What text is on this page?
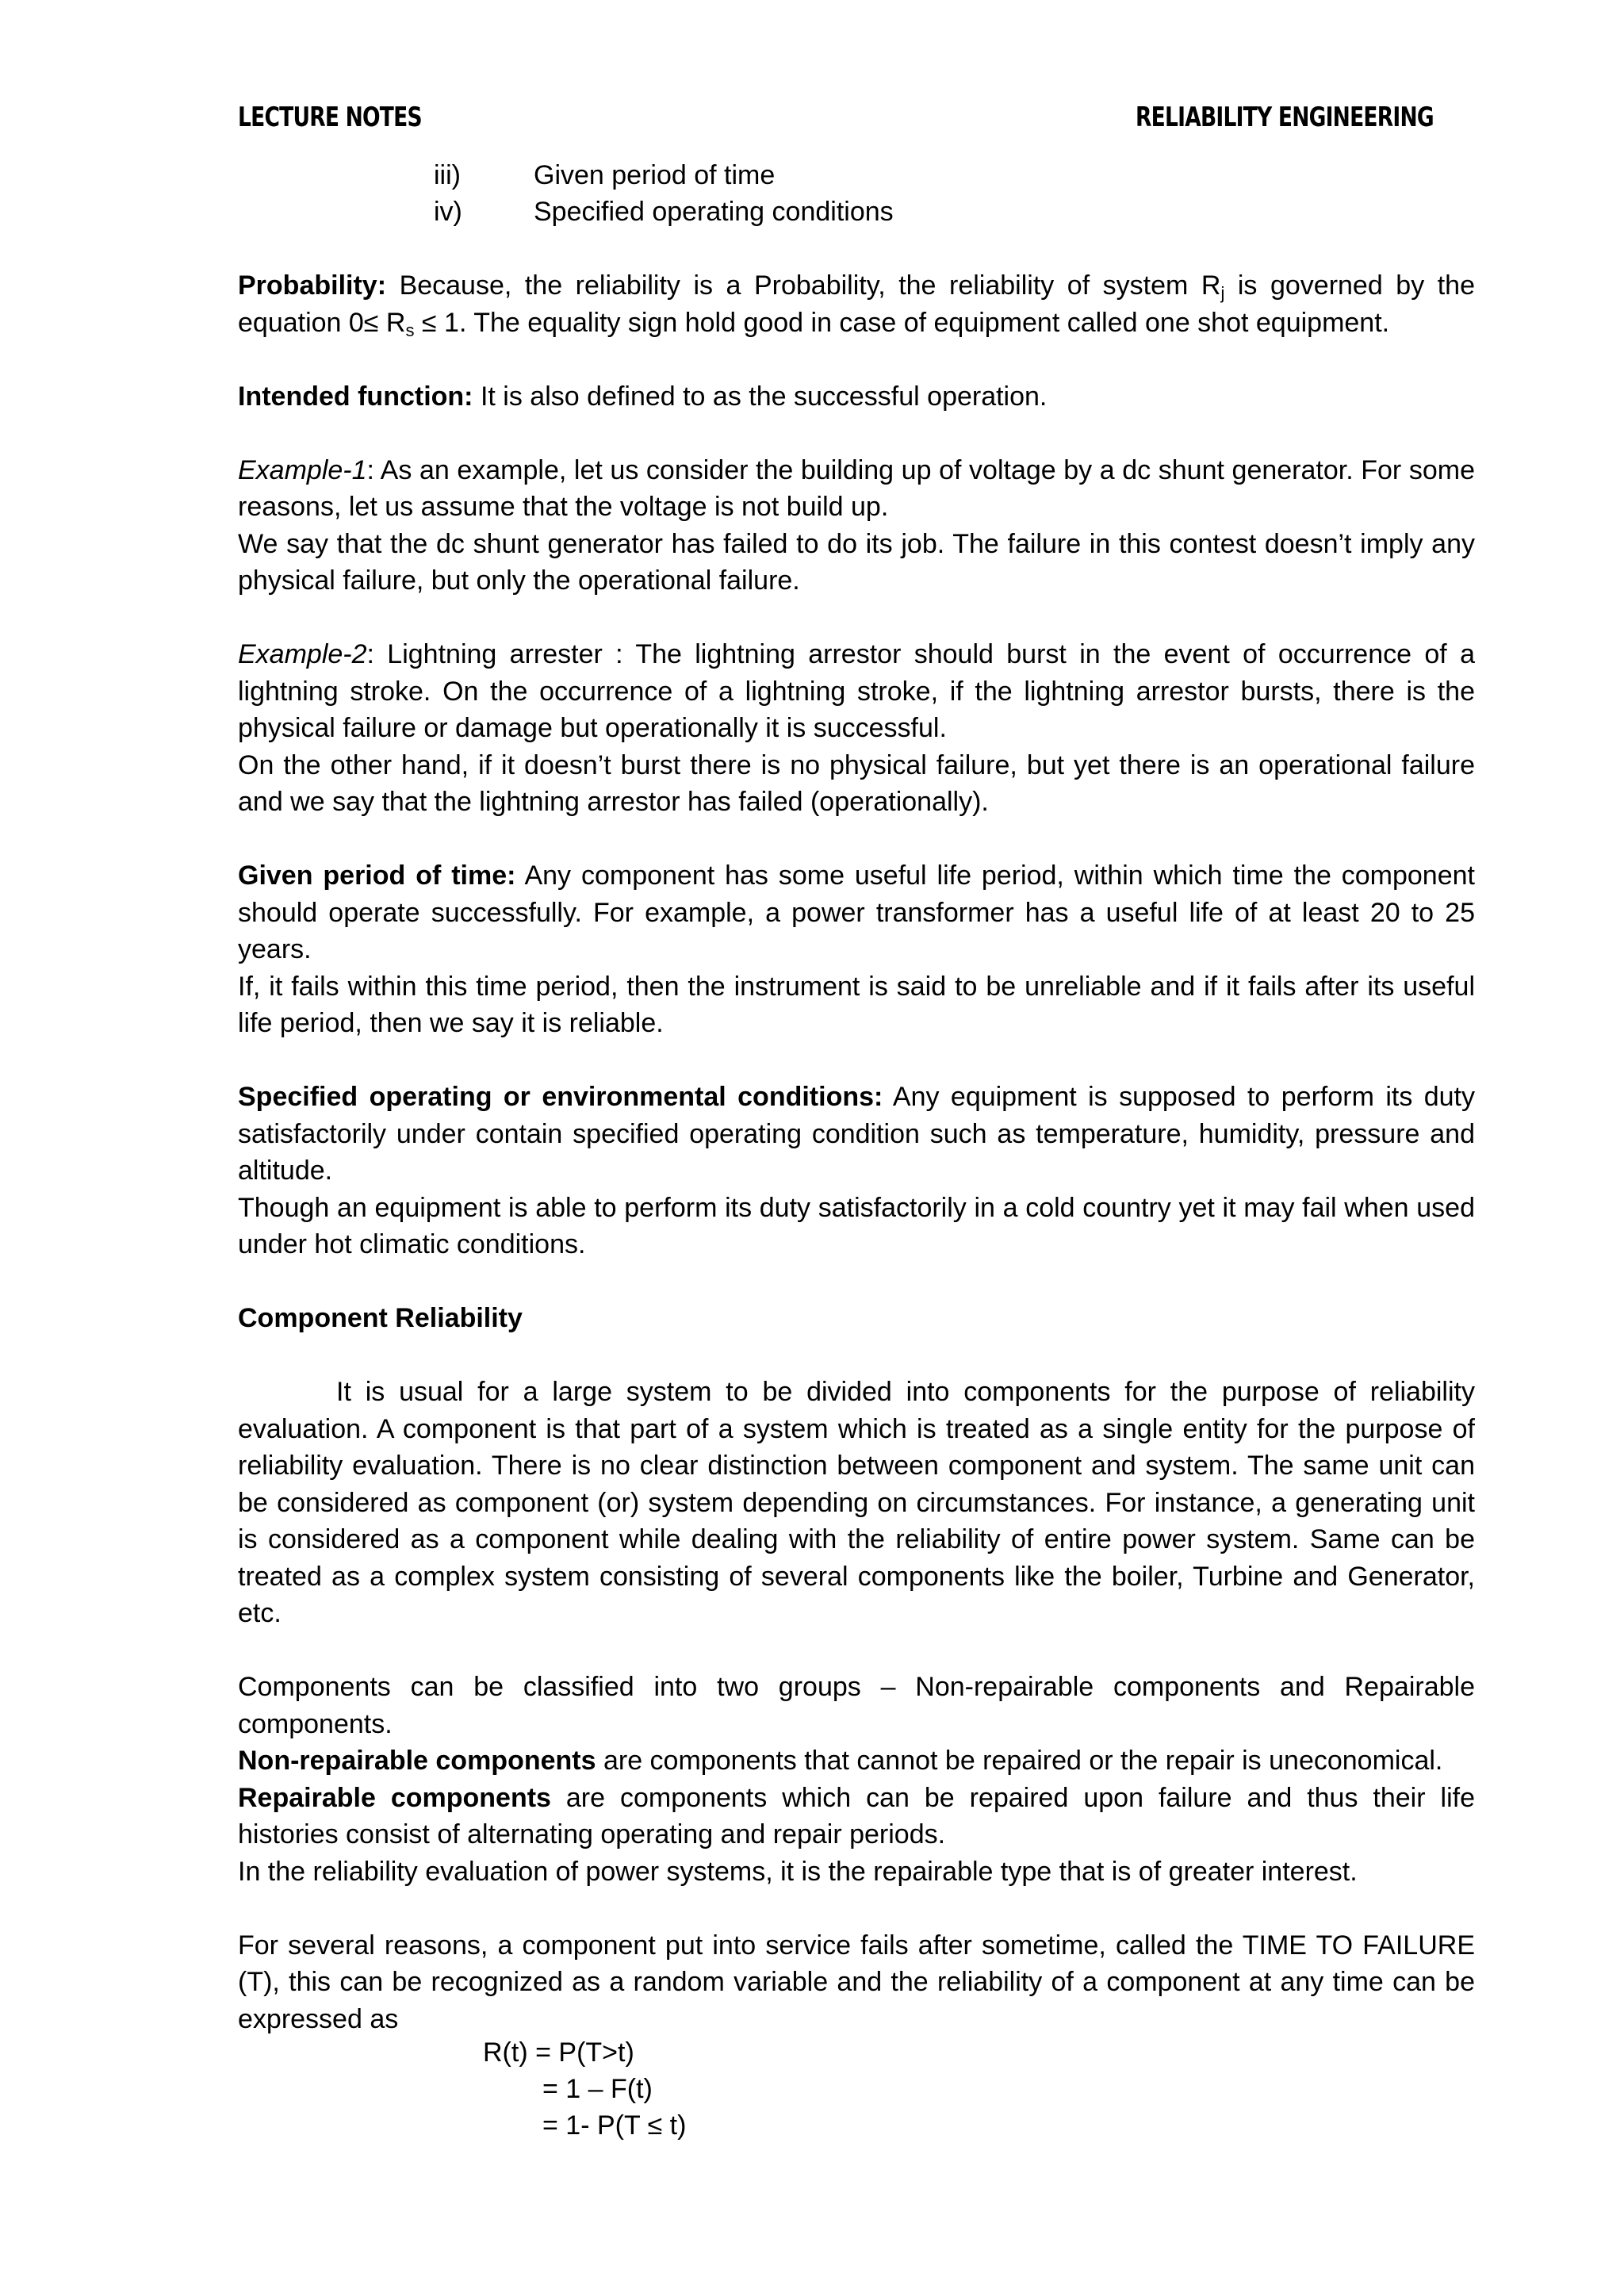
LECTURE NOTES	RELIABILITY ENGINEERING
iii)	Given period of time
iv)	Specified operating conditions

Probability: Because, the reliability is a Probability, the reliability of system $R_j$ is governed by the equation $0\le R_s \le 1$. The equality sign hold good in case of equipment called one shot equipment.

Intended function: It is also defined to as the successful operation.

Example-1: As an example, let us consider the building up of voltage by a dc shunt generator. For some reasons, let us assume that the voltage is not build up.

We say that the dc shunt generator has failed to do its job. The failure in this contest doesn’t imply any physical failure, but only the operational failure.

Example-2: Lightning arrester : The lightning arrestor should burst in the event of occurrence of a lightning stroke. On the occurrence of a lightning stroke, if the lightning arrestor bursts, there is the physical failure or damage but operationally it is successful.

On the other hand, if it doesn’t burst there is no physical failure, but yet there is an operational failure and we say that the lightning arrestor has failed (operationally).

Given period of time: Any component has some useful life period, within which time the component should operate successfully. For example, a power transformer has a useful life of at least 20 to 25 years.

If, it fails within this time period, then the instrument is said to be unreliable and if it fails after its useful life period, then we say it is reliable.

Specified operating or environmental conditions: Any equipment is supposed to perform its duty satisfactorily under contain specified operating condition such as temperature, humidity, pressure and altitude.

Though an equipment is able to perform its duty satisfactorily in a cold country yet it may fail when used under hot climatic conditions.

Component Reliability

It is usual for a large system to be divided into components for the purpose of reliability evaluation. A component is that part of a system which is treated as a single entity for the purpose of reliability evaluation. There is no clear distinction between component and system. The same unit can be considered as component (or) system depending on circumstances. For instance, a generating unit is considered as a component while dealing with the reliability of entire power system. Same can be treated as a complex system consisting of several components like the boiler, Turbine and Generator, etc.

Components can be classified into two groups – Non-repairable components and Repairable components.

Non-repairable components are components that cannot be repaired or the repair is uneconomical.

Repairable components are components which can be repaired upon failure and thus their life histories consist of alternating operating and repair periods.

In the reliability evaluation of power systems, it is the repairable type that is of greater interest.

For several reasons, a component put into service fails after sometime, called the TIME TO FAILURE (T), this can be recognized as a random variable and the reliability of a component at any time can be expressed as

R(t) = P(T>t)
= 1 – F(t)
= 1- P(T ≤ t)
